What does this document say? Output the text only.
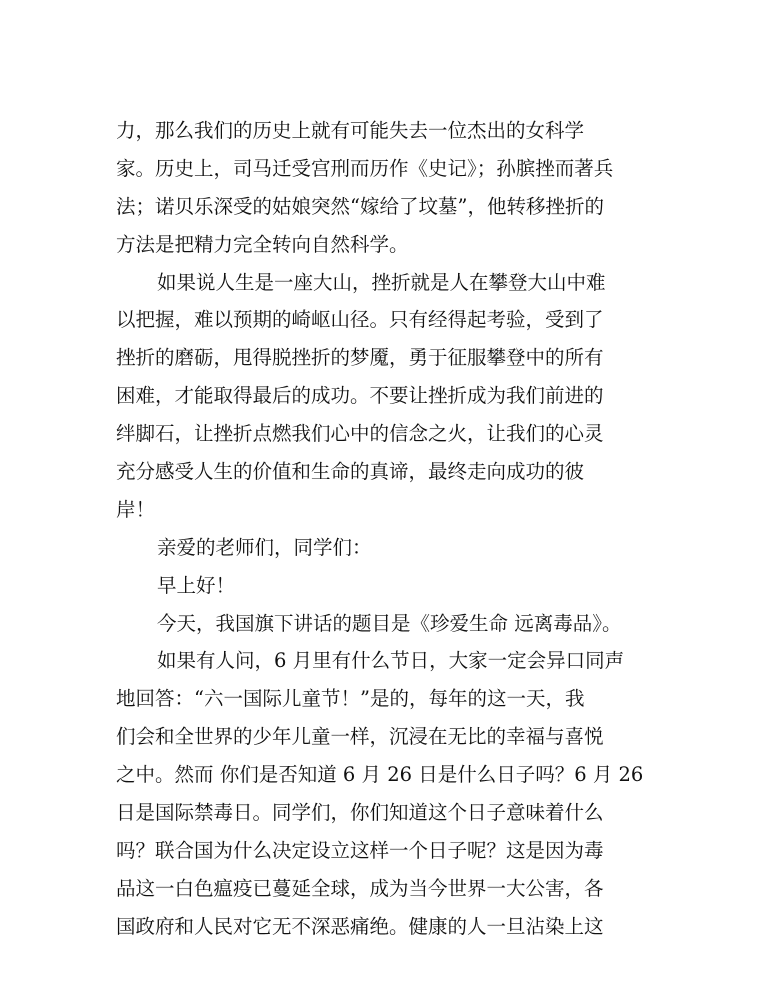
力，那么我们的历史上就有可能失去一位杰出的女科学
家。历史上，司马迁受宫刑而历作《史记》；孙膑挫而著兵
法；诺贝乐深受的姑娘突然“嫁给了坟墓”，他转移挫折的
方法是把精力完全转向自然科学。
如果说人生是一座大山，挫折就是人在攀登大山中难
以把握，难以预期的崎岖山径。只有经得起考验，受到了
挫折的磨砺，甩得脱挫折的梦魇，勇于征服攀登中的所有
困难，才能取得最后的成功。不要让挫折成为我们前进的
绊脚石，让挫折点燃我们心中的信念之火，让我们的心灵
充分感受人生的价值和生命的真谛，最终走向成功的彼
岸！
亲爱的老师们，同学们：
早上好！
今天，我国旗下讲话的题目是《珍爱生命 远离毒品》。
如果有人问，6 月里有什么节日，大家一定会异口同声
地回答：“六一国际儿童节！”是的，每年的这一天，我
们会和全世界的少年儿童一样，沉浸在无比的幸福与喜悦
之中。然而 你们是否知道 6 月 26 日是什么日子吗？6 月 26
日是国际禁毒日。同学们，你们知道这个日子意味着什么
吗？联合国为什么决定设立这样一个日子呢？这是因为毒
品这一白色瘟疫已蔓延全球，成为当今世界一大公害，各
国政府和人民对它无不深恶痛绝。健康的人一旦沾染上这
